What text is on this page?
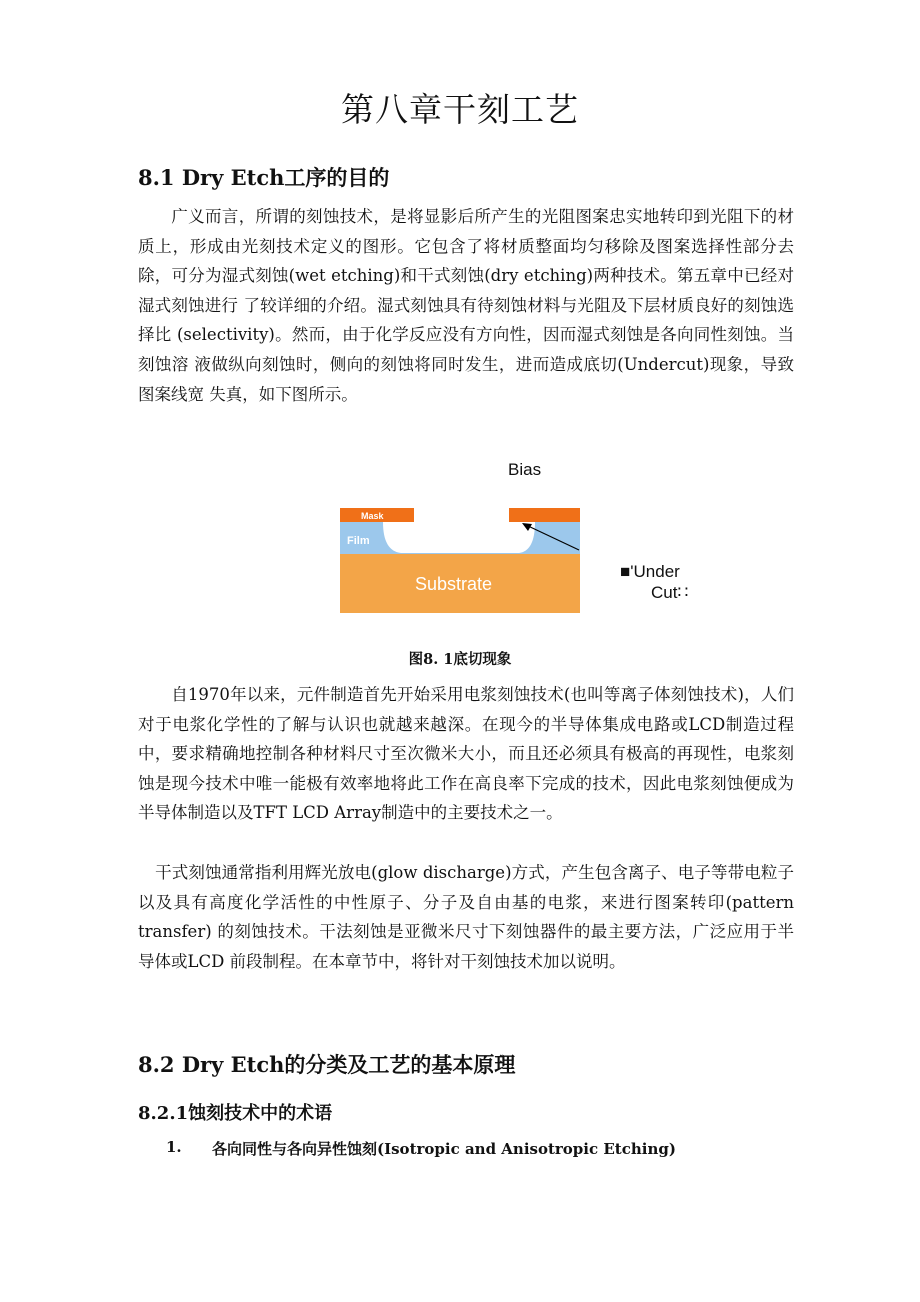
第八章干刻工艺
8.1 Dry Etch工序的目的
广义而言，所谓的刻蚀技术，是将显影后所产生的光阻图案忠实地转印到光阻下的材质上，形成由光刻技术定义的图形。它包含了将材质整面均匀移除及图案选择性部分去除，可分为湿式刻蚀(wet etching)和干式刻蚀(dry etching)两种技术。第五章中已经对湿式刻蚀进行 了较详细的介绍。湿式刻蚀具有待刻蚀材料与光阻及下层材质良好的刻蚀选择比 (selectivity)。然而，由于化学反应没有方向性，因而湿式刻蚀是各向同性刻蚀。当刻蚀溶 液做纵向刻蚀时，侧向的刻蚀将同时发生，进而造成底切(Undercut)现象，导致图案线宽 失真，如下图所示。
Bias
Mask
Film
Substrate
■'Under
Cut∷
图8. 1底切现象
自1970年以来，元件制造首先开始采用电浆刻蚀技术(也叫等离子体刻蚀技术)，人们 对于电浆化学性的了解与认识也就越来越深。在现今的半导体集成电路或LCD制造过程中，要求精确地控制各种材料尺寸至次微米大小，而且还必须具有极高的再现性，电浆刻蚀是现今技术中唯一能极有效率地将此工作在高良率下完成的技术，因此电浆刻蚀便成为半导体制造以及TFT LCD Array制造中的主要技术之一。
干式刻蚀通常指利用辉光放电(glow discharge)方式，产生包含离子、电子等带电粒子 以及具有高度化学活性的中性原子、分子及自由基的电浆，来进行图案转印(pattern transfer) 的刻蚀技术。干法刻蚀是亚微米尺寸下刻蚀器件的最主要方法，广泛应用于半导体或LCD 前段制程。在本章节中，将针对干刻蚀技术加以说明。
8.2 Dry Etch的分类及工艺的基本原理
8.2.1蚀刻技术中的术语
1. 各向同性与各向异性蚀刻(Isotropic and Anisotropic Etching)
